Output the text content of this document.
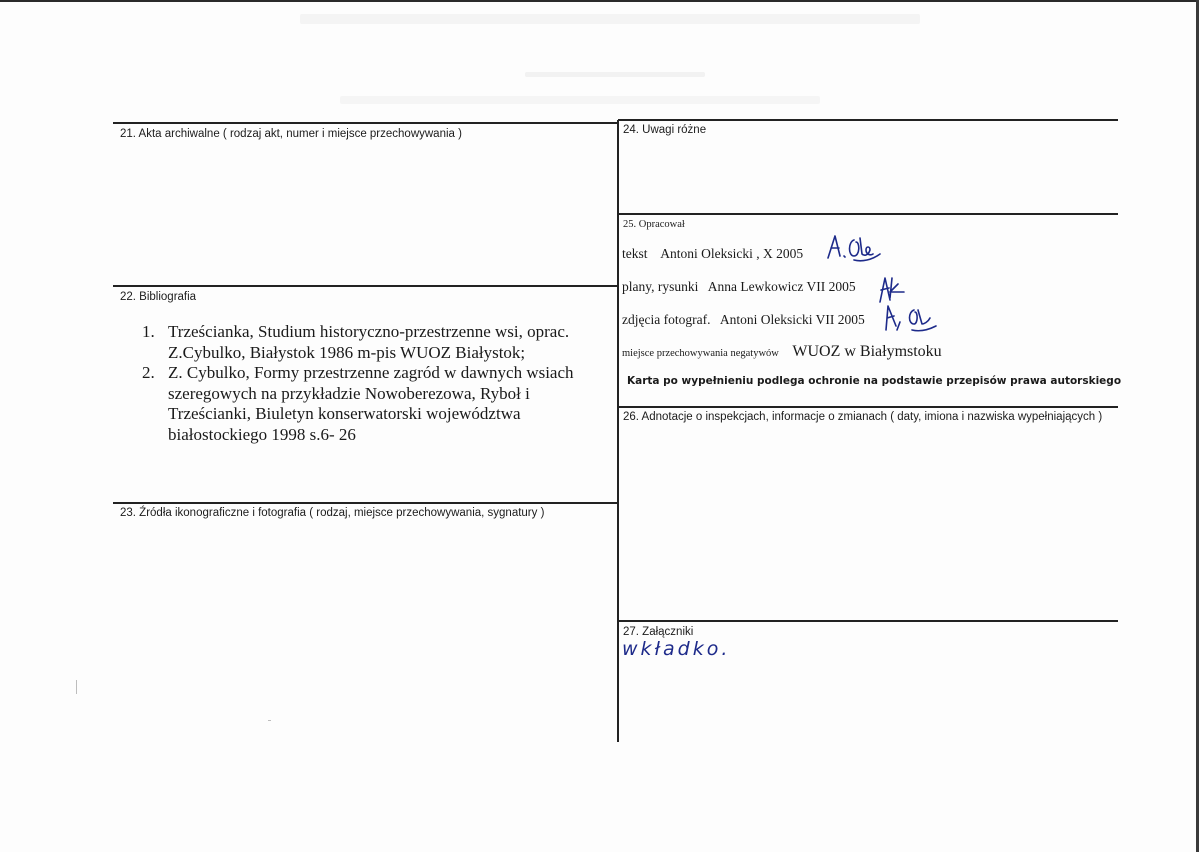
21. Akta archiwalne ( rodzaj akt, numer i miejsce przechowywania )
22. Bibliografia
23. Źródła ikonograficzne i fotografia ( rodzaj, miejsce przechowywania, sygnatury )
1. Trześcianka, Studium historyczno-przestrzenne wsi, oprac. Z.Cybulko, Białystok 1986 m-pis WUOZ Białystok;
2. Z. Cybulko, Formy przestrzenne zagród w dawnych wsiach szeregowych na przykładzie Nowoberezowa, Ryboł i Trześcianki, Biuletyn konserwatorski województwa białostockiego 1998 s.6- 26
24. Uwagi różne
25. Opracował
tekst Antoni Oleksicki , X 2005
plany, rysunki Anna Lewkowicz VII 2005
zdjęcia fotograf. Antoni Oleksicki VII 2005
miejsce przechowywania negatywów WUOZ w Białymstoku
Karta po wypełnieniu podlega ochronie na podstawie przepisów prawa autorskiego
26. Adnotacje o inspekcjach, informacje o zmianach ( daty, imiona i nazwiska wypełniających )
27. Załączniki
wkładko.
